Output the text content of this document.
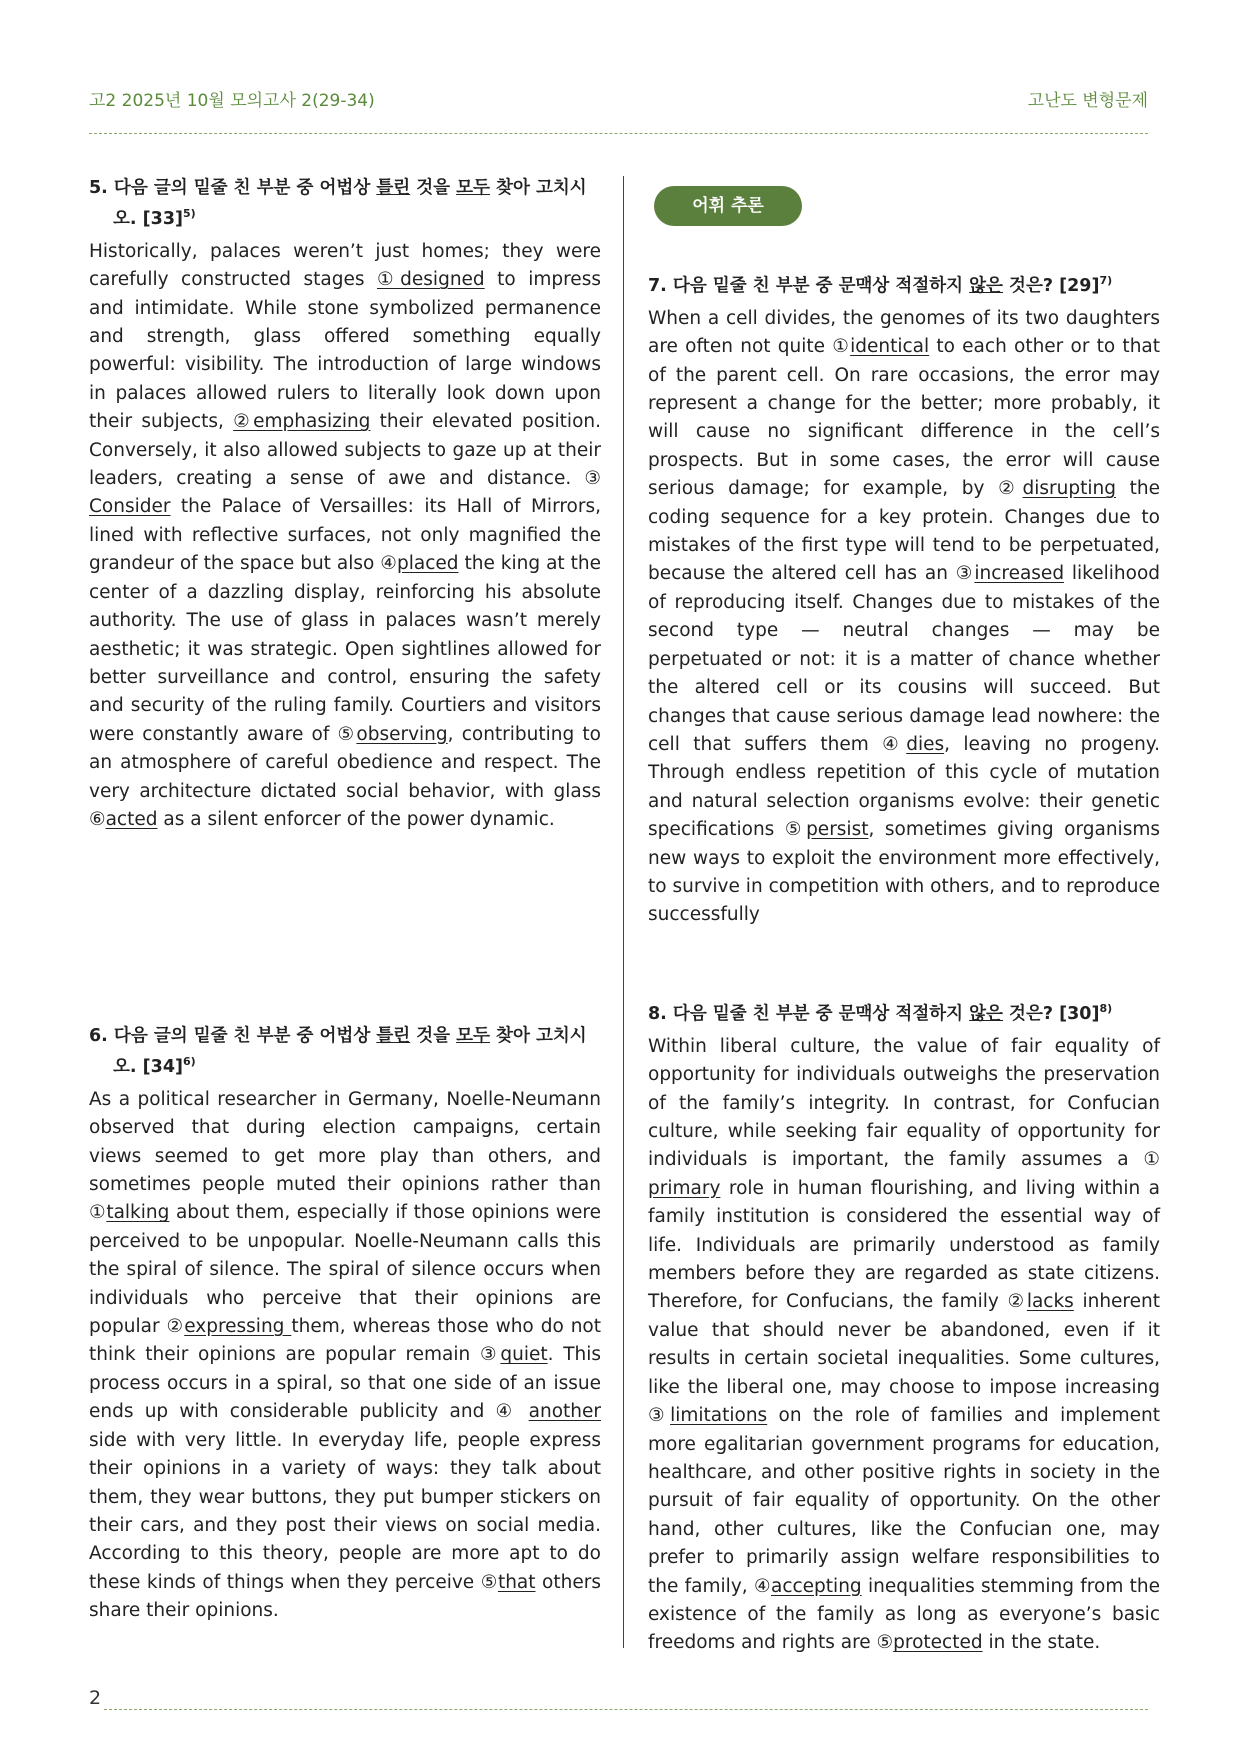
고2 2025년 10월 모의고사 2(29-34)	고난도 변형문제
5. 다음 글의 밑줄 친 부분 중 어법상 틀린 것을 모두 찾아 고치시오. $[33]^{5)}$
Historically, palaces weren’t just homes; they were carefully constructed stages ①designed to impress and intimidate. While stone symbolized permanence and strength, glass offered something equally powerful: visibility. The introduction of large windows in palaces allowed rulers to literally look down upon their subjects, ②emphasizing their elevated position. Conversely, it also allowed subjects to gaze up at their leaders, creating a sense of awe and distance. ③ Consider the Palace of Versailles: its Hall of Mirrors, lined with reflective surfaces, not only magnified the grandeur of the space but also ④placed the king at the center of a dazzling display, reinforcing his absolute authority. The use of glass in palaces wasn’t merely aesthetic; it was strategic. Open sightlines allowed for better surveillance and control, ensuring the safety and security of the ruling family. Courtiers and visitors were constantly aware of ⑤observing, contributing to an atmosphere of careful obedience and respect. The very architecture dictated social behavior, with glass ⑥acted as a silent enforcer of the power dynamic.
6. 다음 글의 밑줄 친 부분 중 어법상 틀린 것을 모두 찾아 고치시오. $[34]^{6)}$
As a political researcher in Germany, Noelle‐Neumann observed that during election campaigns, certain views seemed to get more play than others, and sometimes people muted their opinions rather than ①talking about them, especially if those opinions were perceived to be unpopular. Noelle‐Neumann calls this the spiral of silence. The spiral of silence occurs when individuals who perceive that their opinions are popular ②expressing them, whereas those who do not think their opinions are popular remain ③quiet. This process occurs in a spiral, so that one side of an issue ends up with considerable publicity and ④ another side with very little. In everyday life, people express their opinions in a variety of ways: they talk about them, they wear buttons, they put bumper stickers on their cars, and they post their views on social media. According to this theory, people are more apt to do these kinds of things when they perceive ⑤that others share their opinions.
어휘 추론
7. 다음 밑줄 친 부분 중 문맥상 적절하지 않은 것은? $[29]^{7)}$
When a cell divides, the genomes of its two daughters are often not quite ①identical to each other or to that of the parent cell. On rare occasions, the error may represent a change for the better; more probably, it will cause no significant difference in the cell’s prospects. But in some cases, the error will cause serious damage; for example, by ②disrupting the coding sequence for a key protein. Changes due to mistakes of the first type will tend to be perpetuated, because the altered cell has an ③increased likelihood of reproducing itself. Changes due to mistakes of the second type — neutral changes — may be perpetuated or not: it is a matter of chance whether the altered cell or its cousins will succeed. But changes that cause serious damage lead nowhere: the cell that suffers them ④dies, leaving no progeny. Through endless repetition of this cycle of mutation and natural selection organisms evolve: their genetic specifications ⑤persist, sometimes giving organisms new ways to exploit the environment more effectively, to survive in competition with others, and to reproduce successfully
8. 다음 밑줄 친 부분 중 문맥상 적절하지 않은 것은? $[30]^{8)}$
Within liberal culture, the value of fair equality of opportunity for individuals outweighs the preservation of the family’s integrity. In contrast, for Confucian culture, while seeking fair equality of opportunity for individuals is important, the family assumes a ① primary role in human flourishing, and living within a family institution is considered the essential way of life. Individuals are primarily understood as family members before they are regarded as state citizens. Therefore, for Confucians, the family ②lacks inherent value that should never be abandoned, even if it results in certain societal inequalities. Some cultures, like the liberal one, may choose to impose increasing ③limitations on the role of families and implement more egalitarian government programs for education, healthcare, and other positive rights in society in the pursuit of fair equality of opportunity. On the other hand, other cultures, like the Confucian one, may prefer to primarily assign welfare responsibilities to the family, ④accepting inequalities stemming from the existence of the family as long as everyone’s basic freedoms and rights are ⑤protected in the state.
2
